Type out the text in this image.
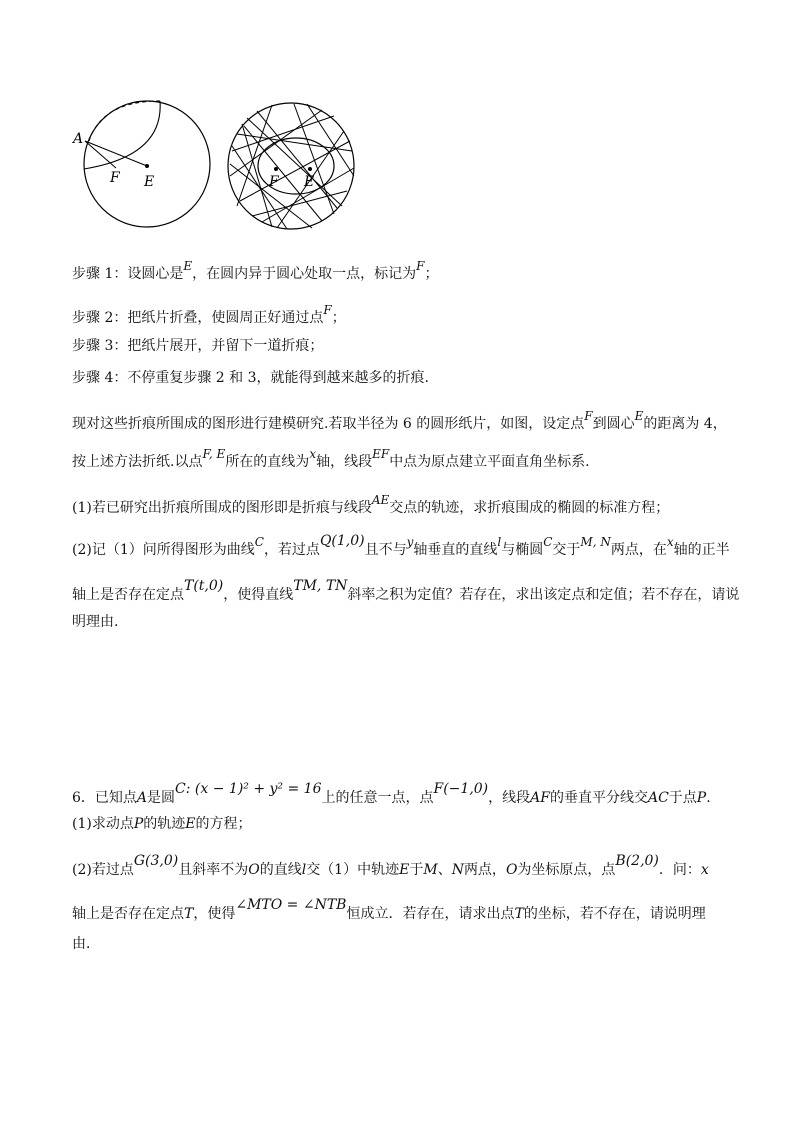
A
F E	F E
步骤 1：设圆心是E，在圆内异于圆心处取一点，标记为F；
步骤 2：把纸片折叠，使圆周正好通过点F；
步骤 3：把纸片展开，并留下一道折痕；
步骤 4：不停重复步骤 2 和 3，就能得到越来越多的折痕.
现对这些折痕所围成的图形进行建模研究.若取半径为 6 的圆形纸片，如图，设定点F到圆心E的距离为 4，
按上述方法折纸.以点F, E所在的直线为x轴，线段EF中点为原点建立平面直角坐标系.
(1)若已研究出折痕所围成的图形即是折痕与线段AE交点的轨迹，求折痕围成的椭圆的标准方程；
(2)记（1）问所得图形为曲线C，若过点Q(1,0)且不与y轴垂直的直线l与椭圆C交于M, N两点，在x轴的正半
轴上是否存在定点T(t,0)，使得直线TM, TN斜率之积为定值？若存在，求出该定点和定值；若不存在，请说
明理由.
6．已知点A是圆C: (x − 1)² + y² = 16上的任意一点，点F(−1,0)，线段AF的垂直平分线交AC于点P.
(1)求动点P的轨迹E的方程；
(2)若过点G(3,0)且斜率不为O的直线l交（1）中轨迹E于M、N两点，O为坐标原点，点B(2,0)．问：x
轴上是否存在定点T，使得∠MTO = ∠NTB恒成立．若存在，请求出点T的坐标，若不存在，请说明理
由．
